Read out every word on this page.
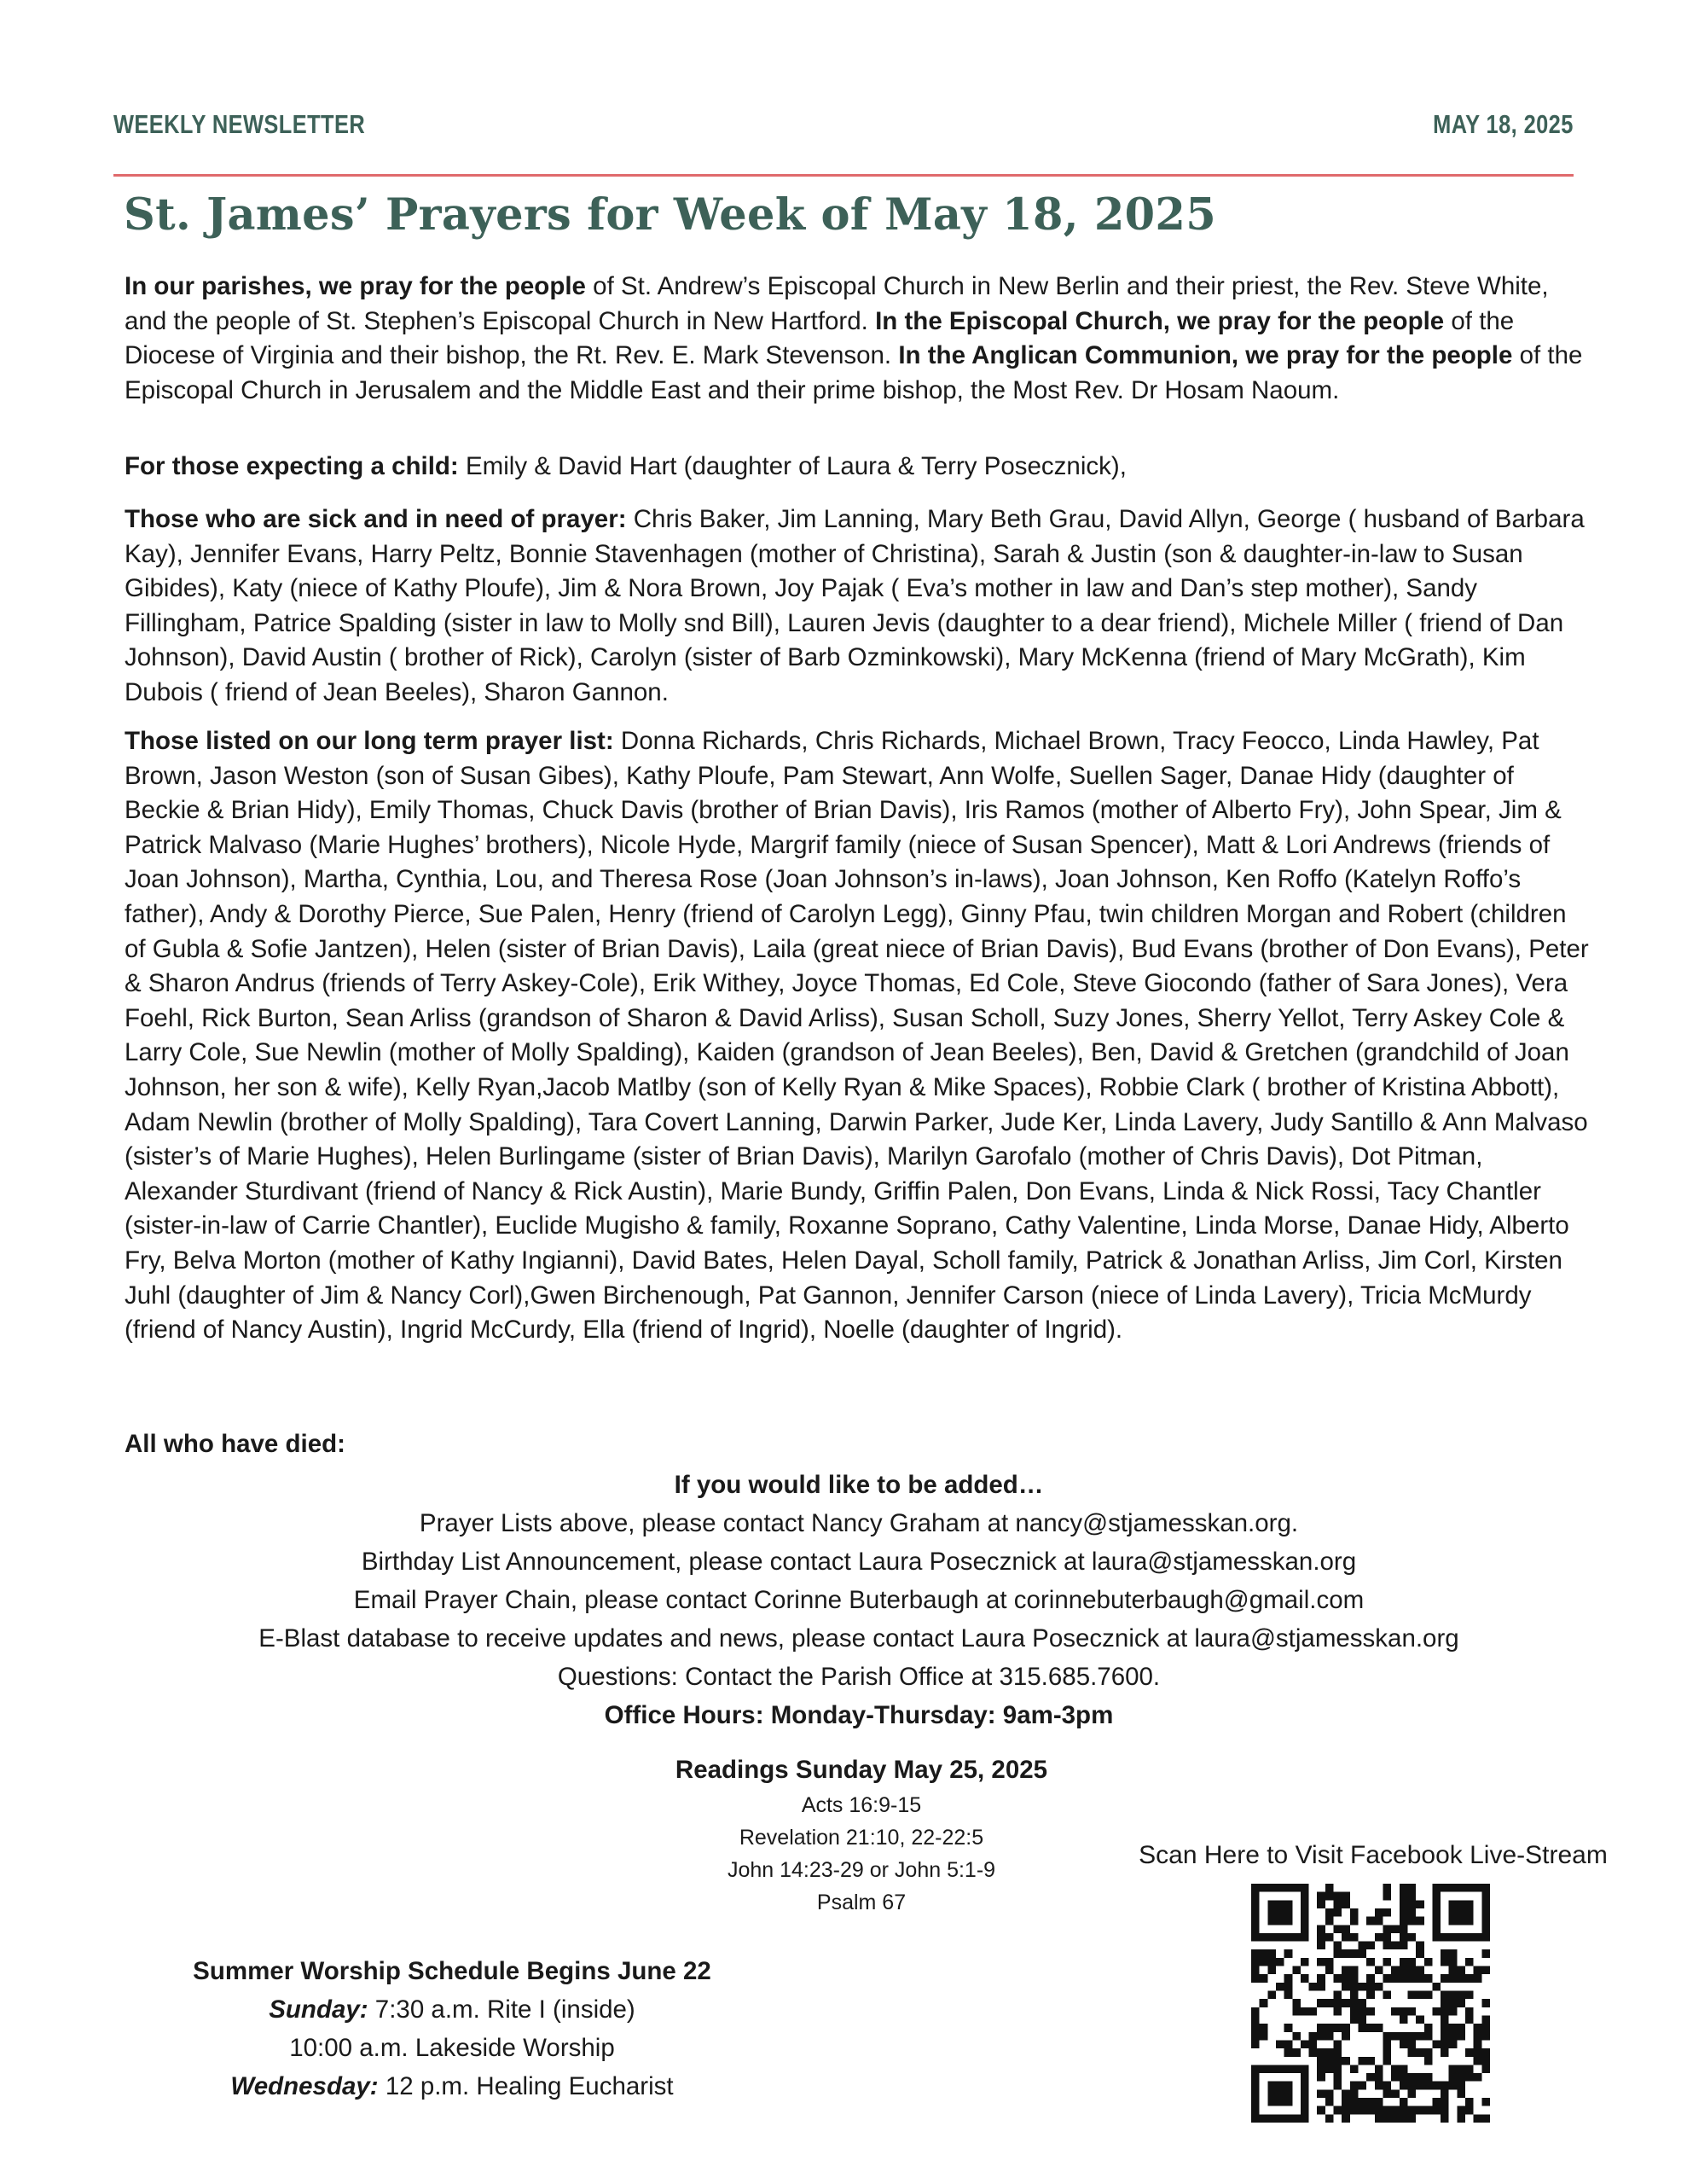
WEEKLY NEWSLETTER	MAY 18, 2025
St. James’ Prayers for Week of May 18, 2025

In our parishes, we pray for the people of St. Andrew’s Episcopal Church in New Berlin and their priest, the Rev. Steve White, and the people of St. Stephen’s Episcopal Church in New Hartford. In the Episcopal Church, we pray for the people of the Diocese of Virginia and their bishop, the Rt. Rev. E. Mark Stevenson. In the Anglican Communion, we pray for the people of the Episcopal Church in Jerusalem and the Middle East and their prime bishop, the Most Rev. Dr Hosam Naoum.

For those expecting a child: Emily & David Hart (daughter of Laura & Terry Posecznick),

Those who are sick and in need of prayer: Chris Baker, Jim Lanning, Mary Beth Grau, David Allyn, George ( husband of Barbara Kay), Jennifer Evans, Harry Peltz, Bonnie Stavenhagen (mother of Christina), Sarah & Justin (son & daughter-in-law to Susan Gibides), Katy (niece of Kathy Ploufe), Jim & Nora Brown, Joy Pajak ( Eva’s mother in law and Dan’s step mother), Sandy Fillingham, Patrice Spalding (sister in law to Molly snd Bill), Lauren Jevis (daughter to a dear friend), Michele Miller ( friend of Dan Johnson), David Austin ( brother of Rick), Carolyn (sister of Barb Ozminkowski), Mary McKenna (friend of Mary McGrath), Kim Dubois ( friend of Jean Beeles), Sharon Gannon.

Those listed on our long term prayer list: Donna Richards, Chris Richards, Michael Brown, Tracy Feocco, Linda Hawley, Pat Brown, Jason Weston (son of Susan Gibes), Kathy Ploufe, Pam Stewart, Ann Wolfe, Suellen Sager, Danae Hidy (daughter of Beckie & Brian Hidy), Emily Thomas, Chuck Davis (brother of Brian Davis), Iris Ramos (mother of Alberto Fry), John Spear, Jim & Patrick Malvaso (Marie Hughes’ brothers), Nicole Hyde, Margrif family (niece of Susan Spencer), Matt & Lori Andrews (friends of Joan Johnson), Martha, Cynthia, Lou, and Theresa Rose (Joan Johnson’s in-laws), Joan Johnson, Ken Roffo (Katelyn Roffo’s father), Andy & Dorothy Pierce, Sue Palen, Henry (friend of Carolyn Legg), Ginny Pfau, twin children Morgan and Robert (children of Gubla & Sofie Jantzen), Helen (sister of Brian Davis), Laila (great niece of Brian Davis), Bud Evans (brother of Don Evans), Peter & Sharon Andrus (friends of Terry Askey-Cole), Erik Withey, Joyce Thomas, Ed Cole, Steve Giocondo (father of Sara Jones), Vera Foehl, Rick Burton, Sean Arliss (grandson of Sharon & David Arliss), Susan Scholl, Suzy Jones, Sherry Yellot, Terry Askey Cole & Larry Cole, Sue Newlin (mother of Molly Spalding), Kaiden (grandson of Jean Beeles), Ben, David & Gretchen (grandchild of Joan Johnson, her son & wife), Kelly Ryan,Jacob Matlby (son of Kelly Ryan & Mike Spaces), Robbie Clark ( brother of Kristina Abbott), Adam Newlin (brother of Molly Spalding), Tara Covert Lanning, Darwin Parker, Jude Ker, Linda Lavery, Judy Santillo & Ann Malvaso (sister’s of Marie Hughes), Helen Burlingame (sister of Brian Davis), Marilyn Garofalo (mother of Chris Davis), Dot Pitman, Alexander Sturdivant (friend of Nancy & Rick Austin), Marie Bundy, Griffin Palen, Don Evans, Linda & Nick Rossi, Tacy Chantler (sister-in-law of Carrie Chantler), Euclide Mugisho & family, Roxanne Soprano, Cathy Valentine, Linda Morse, Danae Hidy, Alberto Fry, Belva Morton (mother of Kathy Ingianni), David Bates, Helen Dayal, Scholl family, Patrick & Jonathan Arliss, Jim Corl, Kirsten Juhl (daughter of Jim & Nancy Corl),Gwen Birchenough, Pat Gannon, Jennifer Carson (niece of Linda Lavery), Tricia McMurdy (friend of Nancy Austin), Ingrid McCurdy, Ella (friend of Ingrid), Noelle (daughter of Ingrid).

All who have died:

If you would like to be added…
Prayer Lists above, please contact Nancy Graham at nancy@stjamesskan.org.
Birthday List Announcement, please contact Laura Posecznick at laura@stjamesskan.org
Email Prayer Chain, please contact Corinne Buterbaugh at corinnebuterbaugh@gmail.com
E-Blast database to receive updates and news, please contact Laura Posecznick at laura@stjamesskan.org
Questions: Contact the Parish Office at 315.685.7600.
Office Hours: Monday-Thursday: 9am-3pm
Readings Sunday May 25, 2025
Acts 16:9-15
Revelation 21:10, 22-22:5
John 14:23-29 or John 5:1-9
Psalm 67
Scan Here to Visit Facebook Live-Stream
Summer Worship Schedule Begins June 22
Sunday: 7:30 a.m. Rite I (inside)
10:00 a.m. Lakeside Worship
Wednesday: 12 p.m. Healing Eucharist
